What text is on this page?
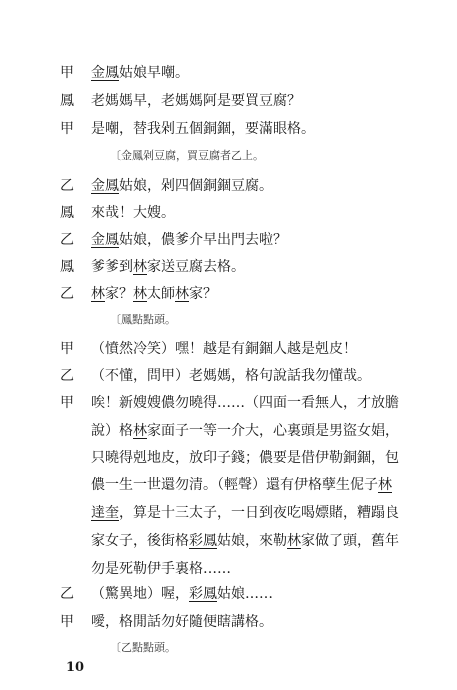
甲	金鳳姑娘早嘲。
鳳	老媽媽早，老媽媽阿是要買豆腐？
甲	是嘲，替我剁五個銅錮，要滿眼格。
〔金鳳剁豆腐，買豆腐者乙上。
乙	金鳳姑娘，剁四個銅錮豆腐。
鳳	來哉！大嫂。
乙	金鳳姑娘，儂爹介早出門去啦？
鳳	爹爹到林家送豆腐去格。
乙	林家？林太師林家？
〔鳳點點頭。
甲	（憤然冷笑）嘿！越是有銅錮人越是剋皮！
乙	（不懂，問甲）老媽媽，格句說話我勿懂哉。
甲	唉！新嫂嫂儂勿曉得……（四面一看無人，才放膽
說）格林家面子一等一介大，心裏頭是男盜女娼，
只曉得剋地皮，放印子錢；儂要是借伊勒銅錮，包
儂一生一世還勿清。（輕聲）還有伊格孽生伲子林
達奎，算是十三太子，一日到夜吃喝嫖賭，糟蹋良
家女子，後街格彩鳳姑娘，來勒林家做了頭，舊年
勿是死勒伊手裏格……
乙	（驚異地）喔，彩鳳姑娘……
甲	噯，格閒話勿好隨便瞎講格。
〔乙點點頭。
10
